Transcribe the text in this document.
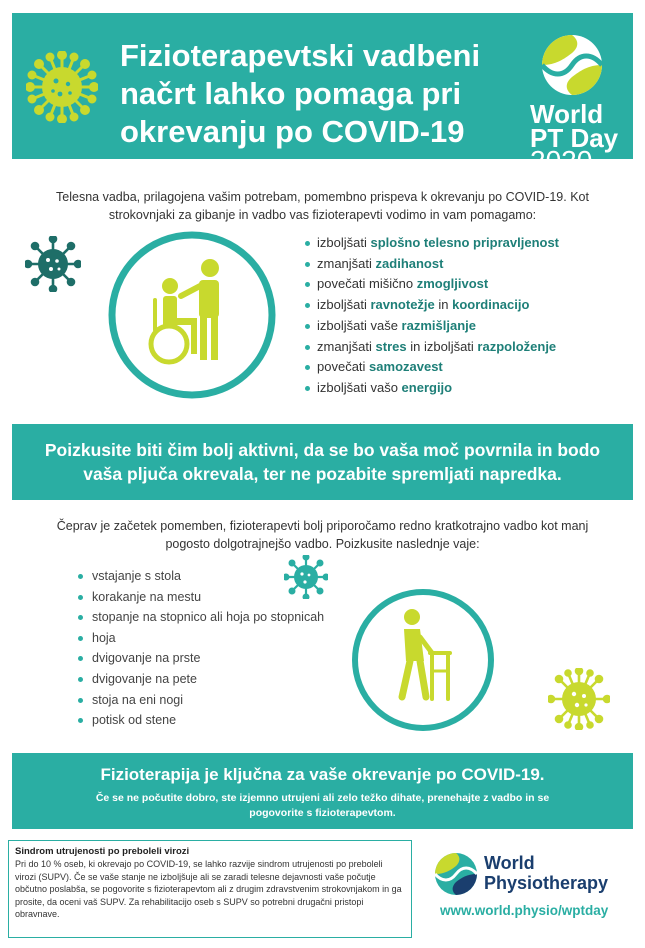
Fizioterapevtski vadbeni načrt lahko pomaga pri okrevanju po COVID-19	World
PT Day
2020
Telesna vadba, prilagojena vašim potrebam, pomembno prispeva k okrevanju po COVID-19. Kot strokovnjaki za gibanje in vadbo vas fizioterapevti vodimo in vam pomagamo:
izboljšati splošno telesno pripravljenost
zmanjšati zadihanost
povečati mišično zmogljivost
izboljšati ravnotežje in koordinacijo
izboljšati vaše razmišljanje
zmanjšati stres in izboljšati razpoloženje
povečati samozavest
izboljšati vašo energijo
Poizkusite biti čim bolj aktivni, da se bo vaša moč povrnila in bodo vaša pljuča okrevala, ter ne pozabite spremljati napredka.
Čeprav je začetek pomemben, fizioterapevti bolj priporočamo redno kratkotrajno vadbo kot manj pogosto dolgotrajnejšo vadbo. Poizkusite naslednje vaje:
vstajanje s stola
korakanje na mestu
stopanje na stopnico ali hoja po stopnicah
hoja
dvigovanje na prste
dvigovanje na pete
stoja na eni nogi
potisk od stene
Fizioterapija je ključna za vaše okrevanje po COVID-19.
Če se ne počutite dobro, ste izjemno utrujeni ali zelo težko dihate, prenehajte z vadbo in se pogovorite s fizioterapevtom.
Sindrom utrujenosti po preboleli virozi
Pri do 10 % oseb, ki okrevajo po COVID-19, se lahko razvije sindrom utrujenosti po preboleli virozi (SUPV). Če se vaše stanje ne izboljšuje ali se zaradi telesne dejavnosti vaše počutje občutno poslabša, se pogovorite s fizioterapevtom ali z drugim zdravstvenim strokovnjakom in ga prosite, da oceni vaš SUPV. Za rehabilitacijo oseb s SUPV so potrebni drugačni pristopi obravnave.
World
Physiotherapy
www.world.physio/wptday
